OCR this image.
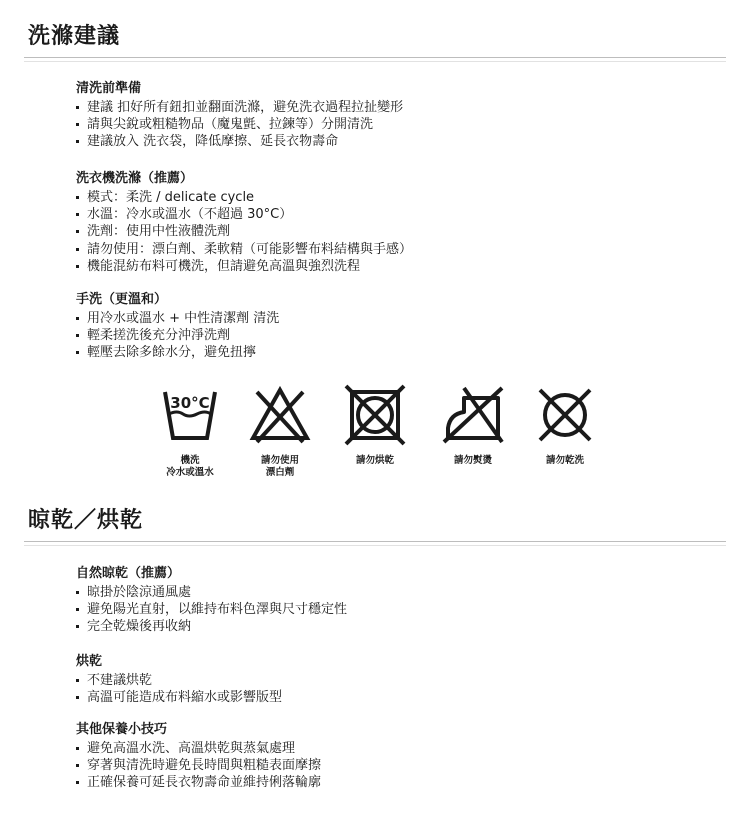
洗滌建議

清洗前準備

建議 扣好所有鈕扣並翻面洗滌，避免洗衣過程拉扯變形
請與尖銳或粗糙物品（魔鬼氈、拉鍊等）分開清洗
建議放入 洗衣袋，降低摩擦、延長衣物壽命

洗衣機洗滌（推薦）

模式：柔洗 / delicate cycle
水溫：冷水或溫水（不超過 30°C）
洗劑：使用中性液體洗劑
請勿使用：漂白劑、柔軟精（可能影響布料結構與手感）
機能混紡布料可機洗，但請避免高溫與強烈洗程

手洗（更溫和）

用冷水或溫水 + 中性清潔劑 清洗
輕柔搓洗後充分沖淨洗劑
輕壓去除多餘水分，避免扭擰
30°C
機洗
冷水或溫水
請勿使用
漂白劑
請勿烘乾	請勿熨燙	請勿乾洗
晾乾／烘乾

自然晾乾（推薦）

晾掛於陰涼通風處
避免陽光直射，以維持布料色澤與尺寸穩定性
完全乾燥後再收納

烘乾

不建議烘乾
高溫可能造成布料縮水或影響版型

其他保養小技巧

避免高溫水洗、高溫烘乾與蒸氣處理
穿著與清洗時避免長時間與粗糙表面摩擦
正確保養可延長衣物壽命並維持俐落輪廓
